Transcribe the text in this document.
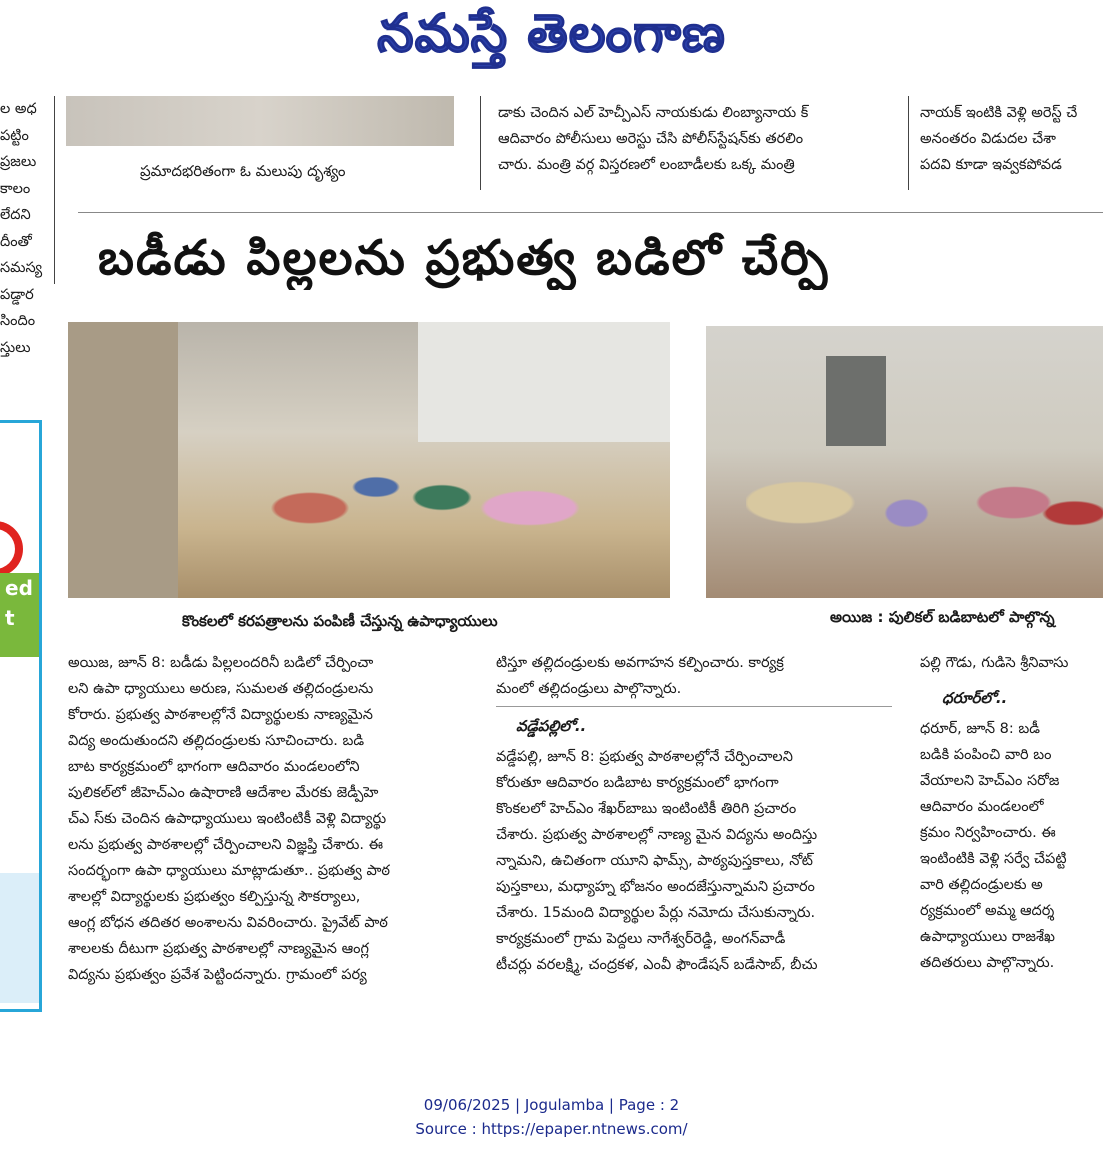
నమస్తే తెలంగాణ
ల అధ
పట్టిం
ప్రజలు
కాలం
లేదని
దీంతో
సమస్య
పడ్డార
సిందిం
స్తులు
ప్రమాదభరితంగా ఓ మలుపు దృశ్యం
డాకు చెందిన ఎల్ హెచ్పీఎస్ నాయకుడు లింబ్యానాయ క్
ఆదివారం పోలీసులు అరెస్టు చేసి పోలీస్‌స్టేషన్‌కు తరలిం
చారు. మంత్రి వర్గ విస్తరణలో లంబాడీలకు ఒక్క మంత్రి
నాయక్ ఇంటికి వెళ్లి అరెస్ట్ చే
అనంతరం విడుదల చేశా
పదవి కూడా ఇవ్వకపోవడ
బడీడు పిల్లలను ప్రభుత్వ బడిలో చేర్పి
ed
t	కొంకలలో కరపత్రాలను పంపిణీ చేస్తున్న ఉపాధ్యాయులు	అయిజ : పులికల్ బడిబాటలో పాల్గొన్న
అయిజ, జూన్ 8: బడీడు పిల్లలందరినీ బడిలో చేర్పించా
లని ఉపా ధ్యాయులు అరుణ, సుమలత తల్లిదండ్రులను
కోరారు. ప్రభుత్వ పాఠశాలల్లోనే విద్యార్థులకు నాణ్యమైన
విద్య అందుతుందని తల్లిదండ్రులకు సూచించారు. బడి
బాట కార్యక్రమంలో భాగంగా ఆదివారం మండలంలోని
పులికల్‌లో జీహెచ్ఎం ఉషారాణి ఆదేశాల మేరకు జెడ్పీహె
చ్ఎ స్‌కు చెందిన ఉపాధ్యాయులు ఇంటింటికీ వెళ్లి విద్యార్థు
లను ప్రభుత్వ పాఠశాలల్లో చేర్పించాలని విజ్ఞప్తి చేశారు. ఈ
సందర్భంగా ఉపా ధ్యాయులు మాట్లాడుతూ.. ప్రభుత్వ పాఠ
శాలల్లో విద్యార్థులకు ప్రభుత్వం కల్పిస్తున్న సౌకర్యాలు,
ఆంగ్ల బోధన తదితర అంశాలను వివరించారు. ప్రైవేట్ పాఠ
శాలలకు దీటుగా ప్రభుత్వ పాఠశాలల్లో నాణ్యమైన ఆంగ్ల
విద్యను ప్రభుత్వం ప్రవేశ పెట్టిందన్నారు. గ్రామంలో పర్య
టిస్తూ తల్లిదండ్రులకు అవగాహన కల్పించారు. కార్యక్ర
మంలో తల్లిదండ్రులు పాల్గొన్నారు.
వడ్డేపల్లిలో..
వడ్డేపల్లి, జూన్ 8: ప్రభుత్వ పాఠశాలల్లోనే చేర్పించాలని
కోరుతూ ఆదివారం బడిబాట కార్యక్రమంలో భాగంగా
కొంకలలో హెచ్ఎం శేఖర్‌బాబు ఇంటింటికీ తిరిగి ప్రచారం
చేశారు. ప్రభుత్వ పాఠశాలల్లో నాణ్య మైన విద్యను అందిస్తు
న్నామని, ఉచితంగా యూని ఫామ్స్, పాఠ్యపుస్తకాలు, నోట్
పుస్తకాలు, మధ్యాహ్న భోజనం అందజేస్తున్నామని ప్రచారం
చేశారు. 15మంది విద్యార్థుల పేర్లు నమోదు చేసుకున్నారు.
కార్యక్రమంలో గ్రామ పెద్దలు నాగేశ్వర్‌రెడ్డి, అంగన్‌వాడీ
టీచర్లు వరలక్ష్మి, చంద్రకళ, ఎంవీ ఫౌండేషన్ బడేసాబ్, బీచు
పల్లి గౌడు, గుడిసె శ్రీనివాసు
ధరూర్‌లో..
ధరూర్, జూన్ 8: బడీ
బడికి పంపించి వారి బం
వేయాలని హెచ్ఎం సరోజ
ఆదివారం మండలంలో
క్రమం నిర్వహించారు. ఈ
ఇంటింటికి వెళ్లి సర్వే చేపట్టి
వారి తల్లిదండ్రులకు అ
ర్యక్రమంలో అమ్మ ఆదర్శ
ఉపాధ్యాయులు రాజశేఖ
తదితరులు పాల్గొన్నారు.
09/06/2025 | Jogulamba | Page : 2
Source : https://epaper.ntnews.com/
